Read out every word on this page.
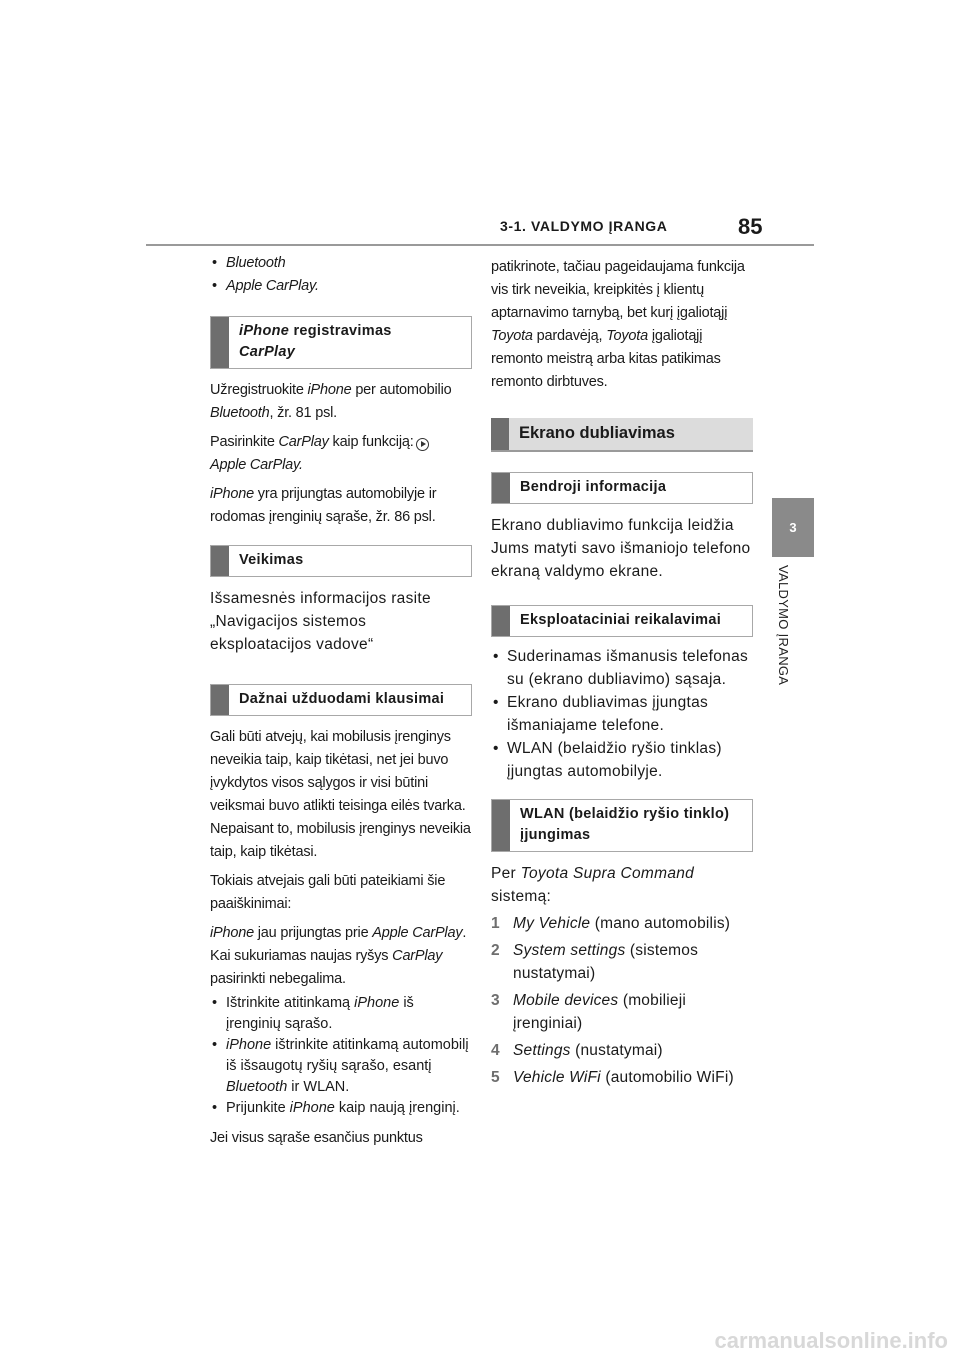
3-1. VALDYMO ĮRANGA	85
3
VALDYMO ĮRANGA
• Bluetooth
• Apple CarPlay.
iPhone registravimas
CarPlay

Užregistruokite iPhone per automobilio Bluetooth, žr. 81 psl.

Pasirinkite CarPlay kaip funkciją:
Apple CarPlay.

iPhone yra prijungtas automobilyje ir rodomas įrenginių sąraše, žr. 86 psl.

Veikimas

Išsamesnės informacijos rasite „Navigacijos sistemos eksploatacijos vadove“

Dažnai užduodami klausimai

Gali būti atvejų, kai mobilusis įrenginys neveikia taip, kaip tikėtasi, net jei buvo įvykdytos visos sąlygos ir visi būtini veiksmai buvo atlikti teisinga eilės tvarka. Nepaisant to, mobilusis įrenginys neveikia taip, kaip tikėtasi.

Tokiais atvejais gali būti pateikiami šie paaiškinimai:

iPhone jau prijungtas prie Apple CarPlay. Kai sukuriamas naujas ryšys CarPlay pasirinkti nebegalima.

• Ištrinkite atitinkamą iPhone iš įrenginių sąrašo.
• iPhone ištrinkite atitinkamą automobilį iš išsaugotų ryšių sąrašo, esantį Bluetooth ir WLAN.
• Prijunkite iPhone kaip naują įrenginį.

Jei visus sąraše esančius punktus

patikrinote, tačiau pageidaujama funkcija vis tirk neveikia, kreipkitės į klientų aptarnavimo tarnybą, bet kurį įgaliotąjį Toyota pardavėją, Toyota įgaliotąjį remonto meistrą arba kitas patikimas remonto dirbtuves.

Ekrano dubliavimas
Bendroji informacija

Ekrano dubliavimo funkcija leidžia Jums matyti savo išmaniojo telefono ekraną valdymo ekrane.

Eksploataciniai reikalavimai
• Suderinamas išmanusis telefonas su (ekrano dubliavimo) sąsaja.
• Ekrano dubliavimas įjungtas išmaniajame telefone.
• WLAN (belaidžio ryšio tinklas) įjungtas automobilyje.
WLAN (belaidžio ryšio tinklo) įjungimas

Per Toyota Supra Command sistemą:

1 My Vehicle (mano automobilis)
2 System settings (sistemos nustatymai)
3 Mobile devices (mobilieji įrenginiai)
4 Settings (nustatymai)
5 Vehicle WiFi (automobilio WiFi)
carmanualsonline.info
